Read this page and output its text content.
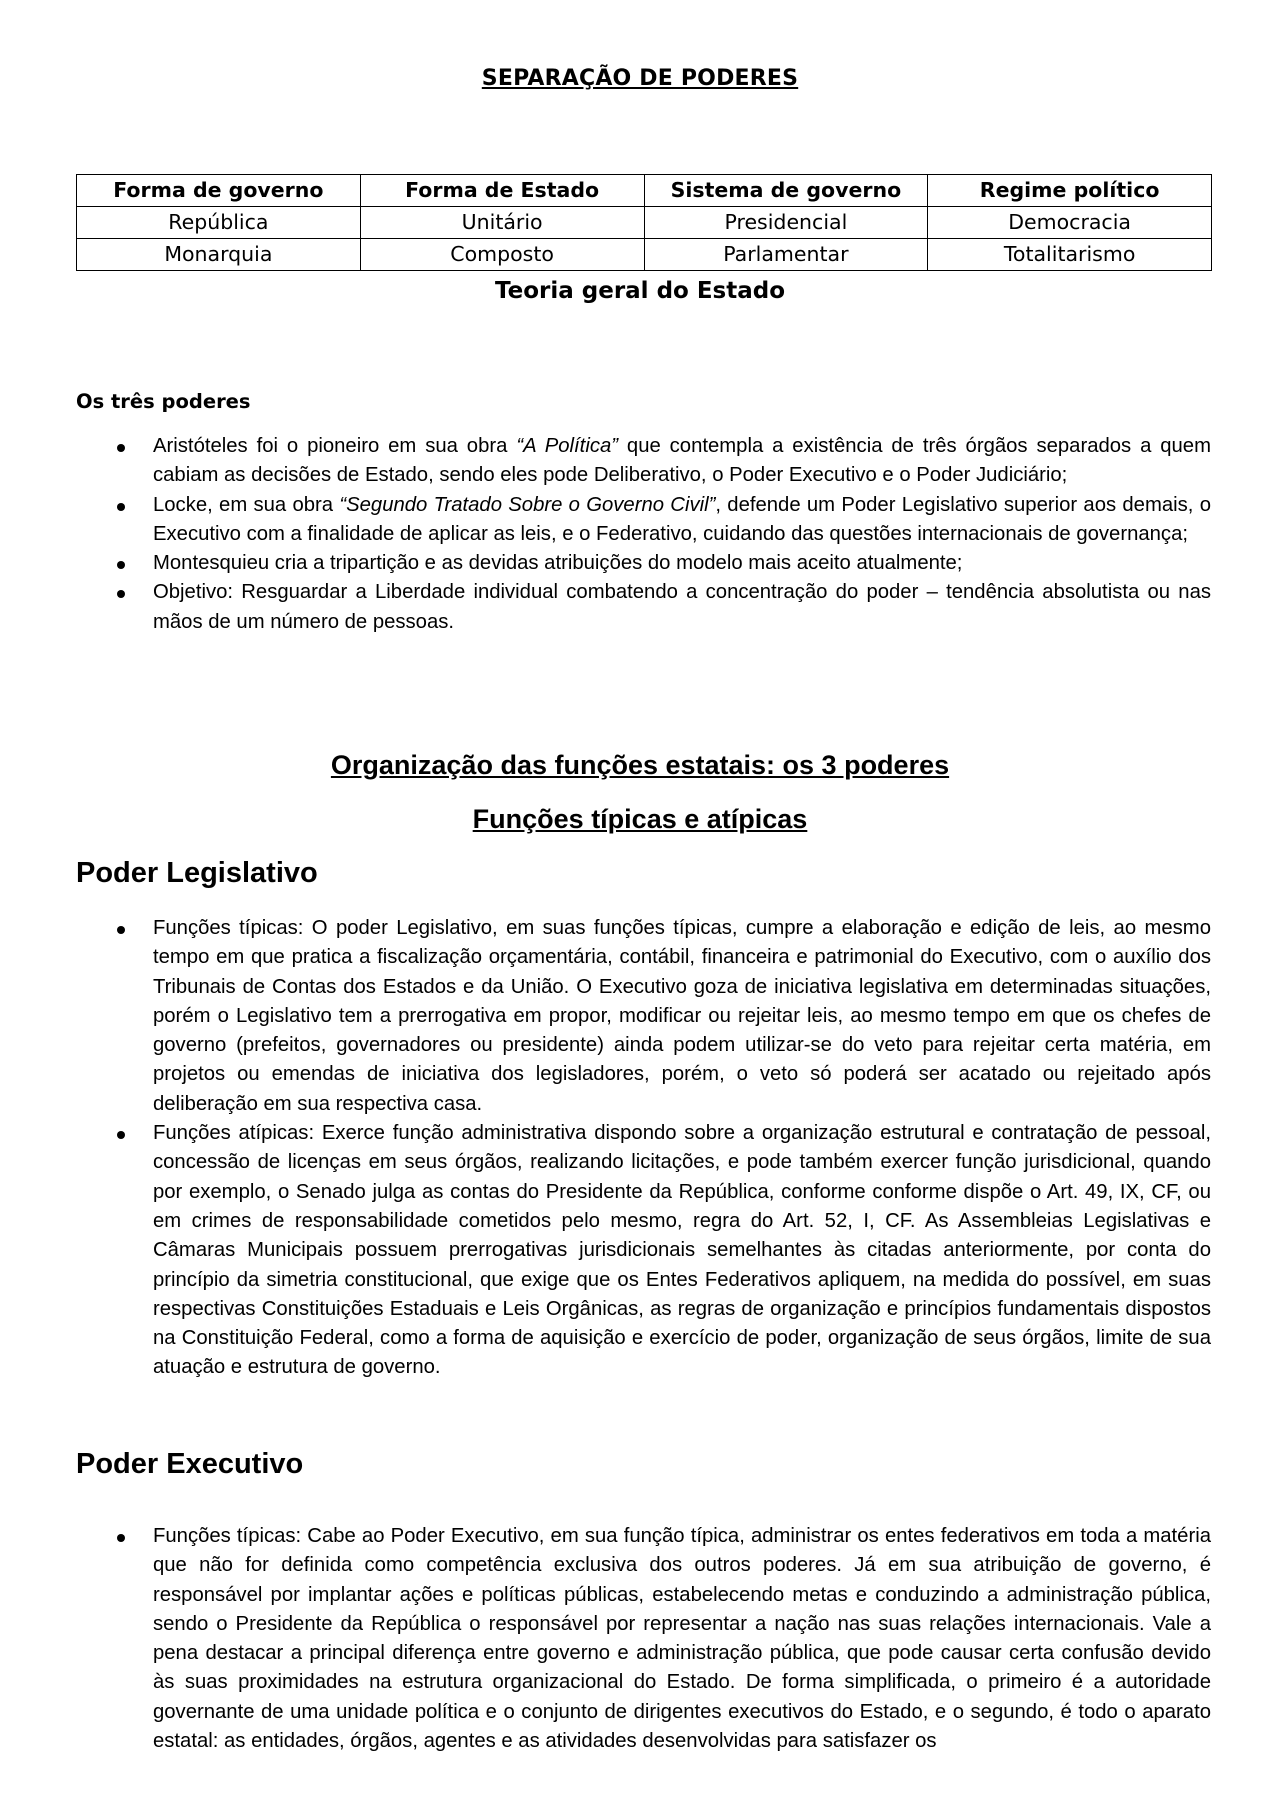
SEPARAÇÃO DE PODERES
Forma de governo	Forma de Estado	Sistema de governo	Regime político
República	Unitário	Presidencial	Democracia
Monarquia	Composto	Parlamentar	Totalitarismo
Teoria geral do Estado
Os três poderes
Aristóteles foi o pioneiro em sua obra “A Política” que contempla a existência de três órgãos separados a quem cabiam as decisões de Estado, sendo eles pode Deliberativo, o Poder Executivo e o Poder Judiciário;
Locke, em sua obra “Segundo Tratado Sobre o Governo Civil”, defende um Poder Legislativo superior aos demais, o Executivo com a finalidade de aplicar as leis, e o Federativo, cuidando das questões internacionais de governança;
Montesquieu cria a tripartição e as devidas atribuições do modelo mais aceito atualmente;
Objetivo: Resguardar a Liberdade individual combatendo a concentração do poder – tendência absolutista ou nas mãos de um número de pessoas.
Organização das funções estatais: os 3 poderes
Funções típicas e atípicas
Poder Legislativo
Funções típicas: O poder Legislativo, em suas funções típicas, cumpre a elaboração e edição de leis, ao mesmo tempo em que pratica a fiscalização orçamentária, contábil, financeira e patrimonial do Executivo, com o auxílio dos Tribunais de Contas dos Estados e da União. O Executivo goza de iniciativa legislativa em determinadas situações, porém o Legislativo tem a prerrogativa em propor, modificar ou rejeitar leis, ao mesmo tempo em que os chefes de governo (prefeitos, governadores ou presidente) ainda podem utilizar-se do veto para rejeitar certa matéria, em projetos ou emendas de iniciativa dos legisladores, porém, o veto só poderá ser acatado ou rejeitado após deliberação em sua respectiva casa.
Funções atípicas: Exerce função administrativa dispondo sobre a organização estrutural e contratação de pessoal, concessão de licenças em seus órgãos, realizando licitações, e pode também exercer função jurisdicional, quando por exemplo, o Senado julga as contas do Presidente da República, conforme conforme dispõe o Art. 49, IX, CF, ou em crimes de responsabilidade cometidos pelo mesmo, regra do Art. 52, I, CF. As Assembleias Legislativas e Câmaras Municipais possuem prerrogativas jurisdicionais semelhantes às citadas anteriormente, por conta do princípio da simetria constitucional, que exige que os Entes Federativos apliquem, na medida do possível, em suas respectivas Constituições Estaduais e Leis Orgânicas, as regras de organização e princípios fundamentais dispostos na Constituição Federal, como a forma de aquisição e exercício de poder, organização de seus órgãos, limite de sua atuação e estrutura de governo.
Poder Executivo
Funções típicas: Cabe ao Poder Executivo, em sua função típica, administrar os entes federativos em toda a matéria que não for definida como competência exclusiva dos outros poderes. Já em sua atribuição de governo, é responsável por implantar ações e políticas públicas, estabelecendo metas e conduzindo a administração pública, sendo o Presidente da República o responsável por representar a nação nas suas relações internacionais. Vale a pena destacar a principal diferença entre governo e administração pública, que pode causar certa confusão devido às suas proximidades na estrutura organizacional do Estado. De forma simplificada, o primeiro é a autoridade governante de uma unidade política e o conjunto de dirigentes executivos do Estado, e o segundo, é todo o aparato estatal: as entidades, órgãos, agentes e as atividades desenvolvidas para satisfazer os
